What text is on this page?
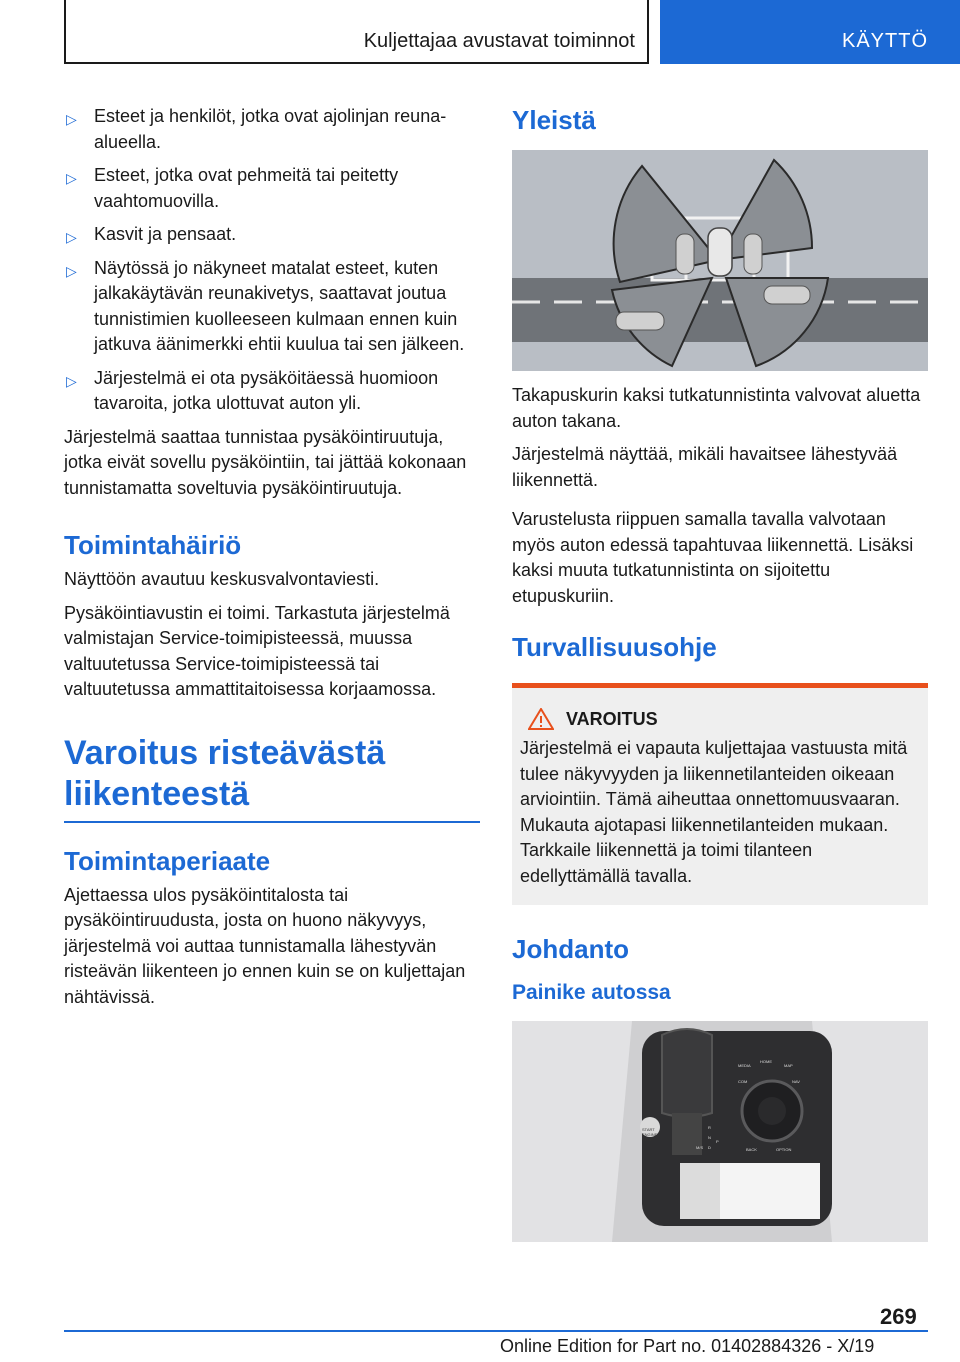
Kuljettajaa avustavat toiminnot	KÄYTTÖ
▷ Esteet ja henkilöt, jotka ovat ajolinjan reuna-alueella.
▷ Esteet, jotka ovat pehmeitä tai peitetty vaahtomuovilla.
▷ Kasvit ja pensaat.
▷ Näytössä jo näkyneet matalat esteet, kuten jalkakäytävän reunakivetys, saattavat joutua tunnistimien kuolleeseen kulmaan ennen kuin jatkuva äänimerkki ehtii kuulua tai sen jälkeen.
▷ Järjestelmä ei ota pysäköitäessä huomioon tavaroita, jotka ulottuvat auton yli.

Järjestelmä saattaa tunnistaa pysäköintiruutuja, jotka eivät sovellu pysäköintiin, tai jättää kokonaan tunnistamatta soveltuvia pysäköintiruutuja.

Toimintahäiriö

Näyttöön avautuu keskusvalvontaviesti.

Pysäköintiavustin ei toimi. Tarkastuta järjestelmä valmistajan Service-toimipisteessä, muussa valtuutetussa Service-toimipisteessä tai valtuutetussa ammattitaitoisessa korjaamossa.

Varoitus risteävästä liikenteestä
Toimintaperiaate

Ajettaessa ulos pysäköintitalosta tai pysäköintiruudusta, josta on huono näkyvyys, järjestelmä voi auttaa tunnistamalla lähestyvän risteävän liikenteen jo ennen kuin se on kuljettajan nähtävissä.

Yleistä

Takapuskurin kaksi tutkatunnistinta valvovat aluetta auton takana.

Järjestelmä näyttää, mikäli havaitsee lähestyvää liikennettä.

Varustelusta riippuen samalla tavalla valvotaan myös auton edessä tapahtuvaa liikennettä. Lisäksi kaksi muuta tutkatunnistinta on sijoitettu etupuskuriin.

Turvallisuusohje
VAROITUS

Järjestelmä ei vapauta kuljettajaa vastuusta mitä tulee näkyvyyden ja liikennetilanteiden oikeaan arviointiin. Tämä aiheuttaa onnettomuusvaaran. Mukauta ajotapasi liikennetilanteiden mukaan. Tarkkaile liikennettä ja toimi tilanteen edellyttämällä tavalla.

Johdanto
Painike autossa
MEDIA
HOME
MAP
COM	NAV
BACK	OPTION
START ENGINE STOP
R
N
D
P
M/S
269
Online Edition for Part no. 01402884326 - X/19
